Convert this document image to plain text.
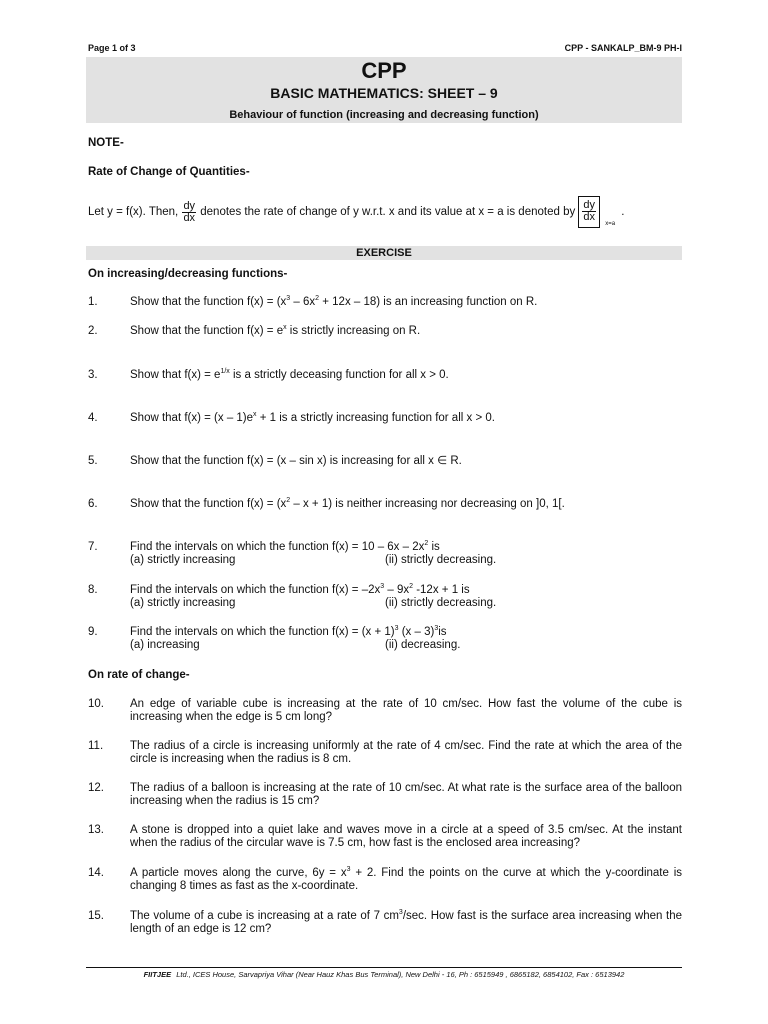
Page 1 of 3	CPP - SANKALP_BM-9 PH-I
CPP
BASIC MATHEMATICS: SHEET – 9
Behaviour of function (increasing and decreasing function)
NOTE-
Rate of Change of Quantities-
Let y = f(x). Then, $\frac{dy}{dx}$ denotes the rate of change of y w.r.t. x and its value at x = a is denoted by $\frac{dy}{dx}$
x=a
.
EXERCISE
On increasing/decreasing functions-
1.	Show that the function $f(x) = (x^3 - 6x^2 + 12x - 18)$ is an increasing function on R.
2.	Show that the function $f(x) = e^x$ is strictly increasing on R.
3.	Show that $f(x) = e^{1/x}$ is a strictly deceasing function for all x > 0.
4.	Show that $f(x) = (x - 1)e^x + 1$ is a strictly increasing function for all x > 0.
5.	Show that the function f(x) = (x – sin x) is increasing for all x ∈ R.
6.	Show that the function $f(x) = (x^2 - x + 1)$ is neither increasing nor decreasing on ]0, 1[.
7.	Find the intervals on which the function $f(x) = 10 - 6x - 2x^2$ is
(a) strictly increasing	(ii) strictly decreasing.
8.	Find the intervals on which the function $f(x) = -2x^3 - 9x^2$ -12x + 1 is
(a) strictly increasing	(ii) strictly decreasing.
9.	Find the intervals on which the function $f(x) = (x + 1)^3$ (x – 3)$^3$is
(a) increasing	(ii) decreasing.
On rate of change-
10. An edge of variable cube is increasing at the rate of 10 cm/sec. How fast the volume of the cube is increasing when the edge is 5 cm long?
11. The radius of a circle is increasing uniformly at the rate of 4 cm/sec. Find the rate at which the area of the circle is increasing when the radius is 8 cm.
12. The radius of a balloon is increasing at the rate of 10 cm/sec. At what rate is the surface area of the balloon increasing when the radius is 15 cm?
13. A stone is dropped into a quiet lake and waves move in a circle at a speed of 3.5 cm/sec. At the instant when the radius of the circular wave is 7.5 cm, how fast is the enclosed area increasing?
14. A particle moves along the curve, $6y = x^3 + 2$. Find the points on the curve at which the y-coordinate is changing 8 times as fast as the x-coordinate.
15. The volume of a cube is increasing at a rate of 7 $cm^3/\sec$. How fast is the surface area increasing when the length of an edge is 12 cm?
FIITJEE Ltd., ICES House, Sarvapriya Vihar (Near Hauz Khas Bus Terminal), New Delhi - 16, Ph : 6515949 , 6865182, 6854102, Fax : 6513942
